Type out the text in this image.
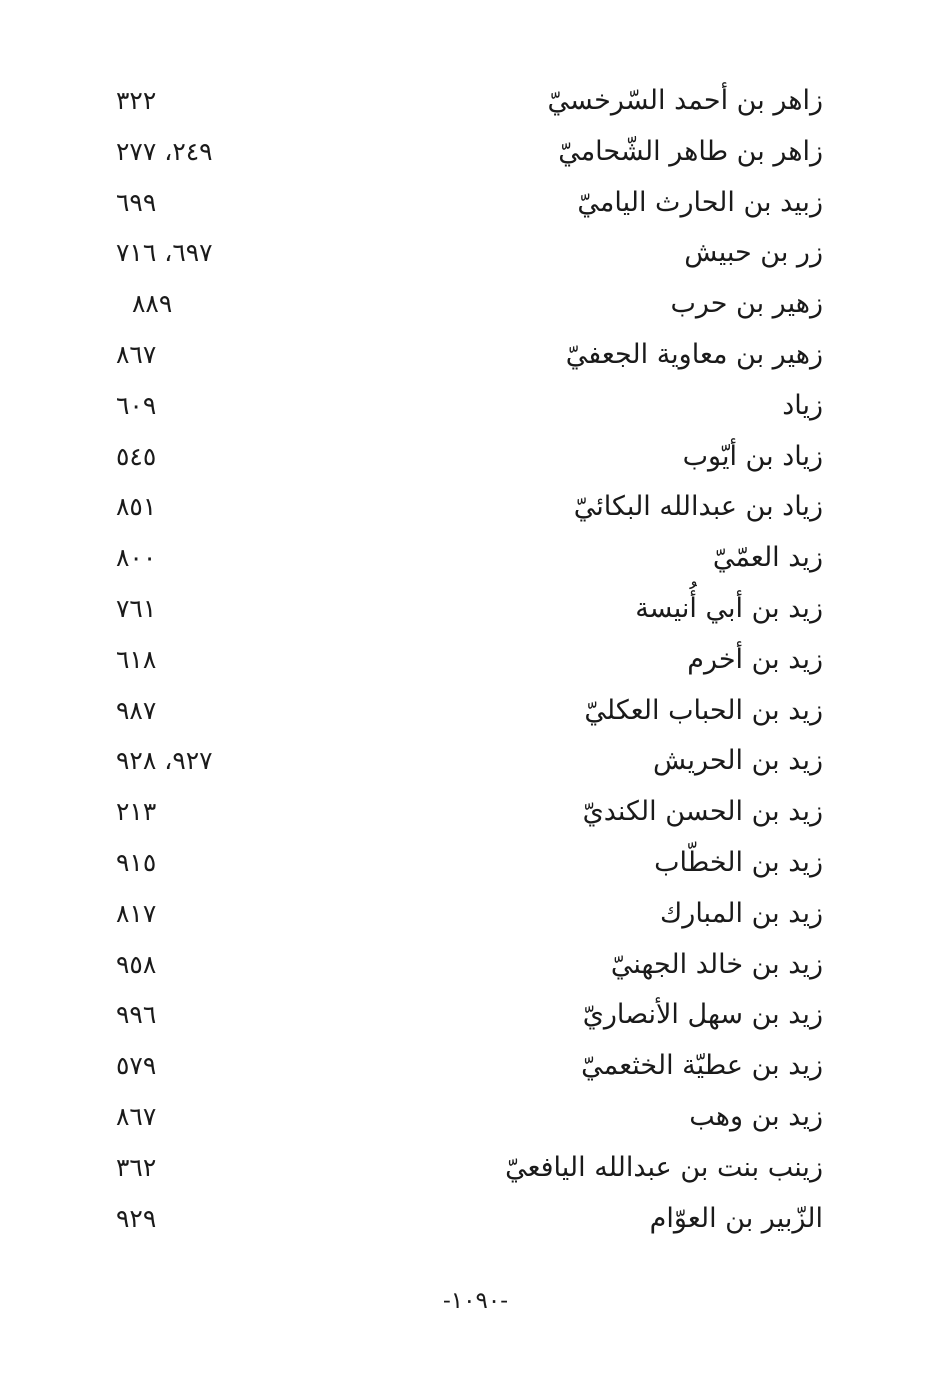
زاهر بن أحمد السّرخسيّ
٣٢٢
زاهر بن طاهر الشّحاميّ
٢٤٩، ٢٧٧
زبيد بن الحارث الياميّ
٦٩٩
زر بن حبيش
٦٩٧، ٧١٦
زهير بن حرب
٨٨٩
زهير بن معاوية الجعفيّ
٨٦٧
زياد
٦٠٩
زياد بن أيّوب
٥٤٥
زياد بن عبدالله البكائيّ
٨٥١
زيد العمّيّ
٨٠٠
زيد بن أبي أُنيسة
٧٦١
زيد بن أخرم
٦١٨
زيد بن الحباب العكليّ
٩٨٧
زيد بن الحريش
٩٢٧، ٩٢٨
زيد بن الحسن الكنديّ
٢١٣
زيد بن الخطّاب
٩١٥
زيد بن المبارك
٨١٧
زيد بن خالد الجهنيّ
٩٥٨
زيد بن سهل الأنصاريّ
٩٩٦
زيد بن عطيّة الخثعميّ
٥٧٩
زيد بن وهب
٨٦٧
زينب بنت بن عبدالله اليافعيّ
٣٦٢
الزّبير بن العوّام
٩٢٩
-١٠٩٠-
